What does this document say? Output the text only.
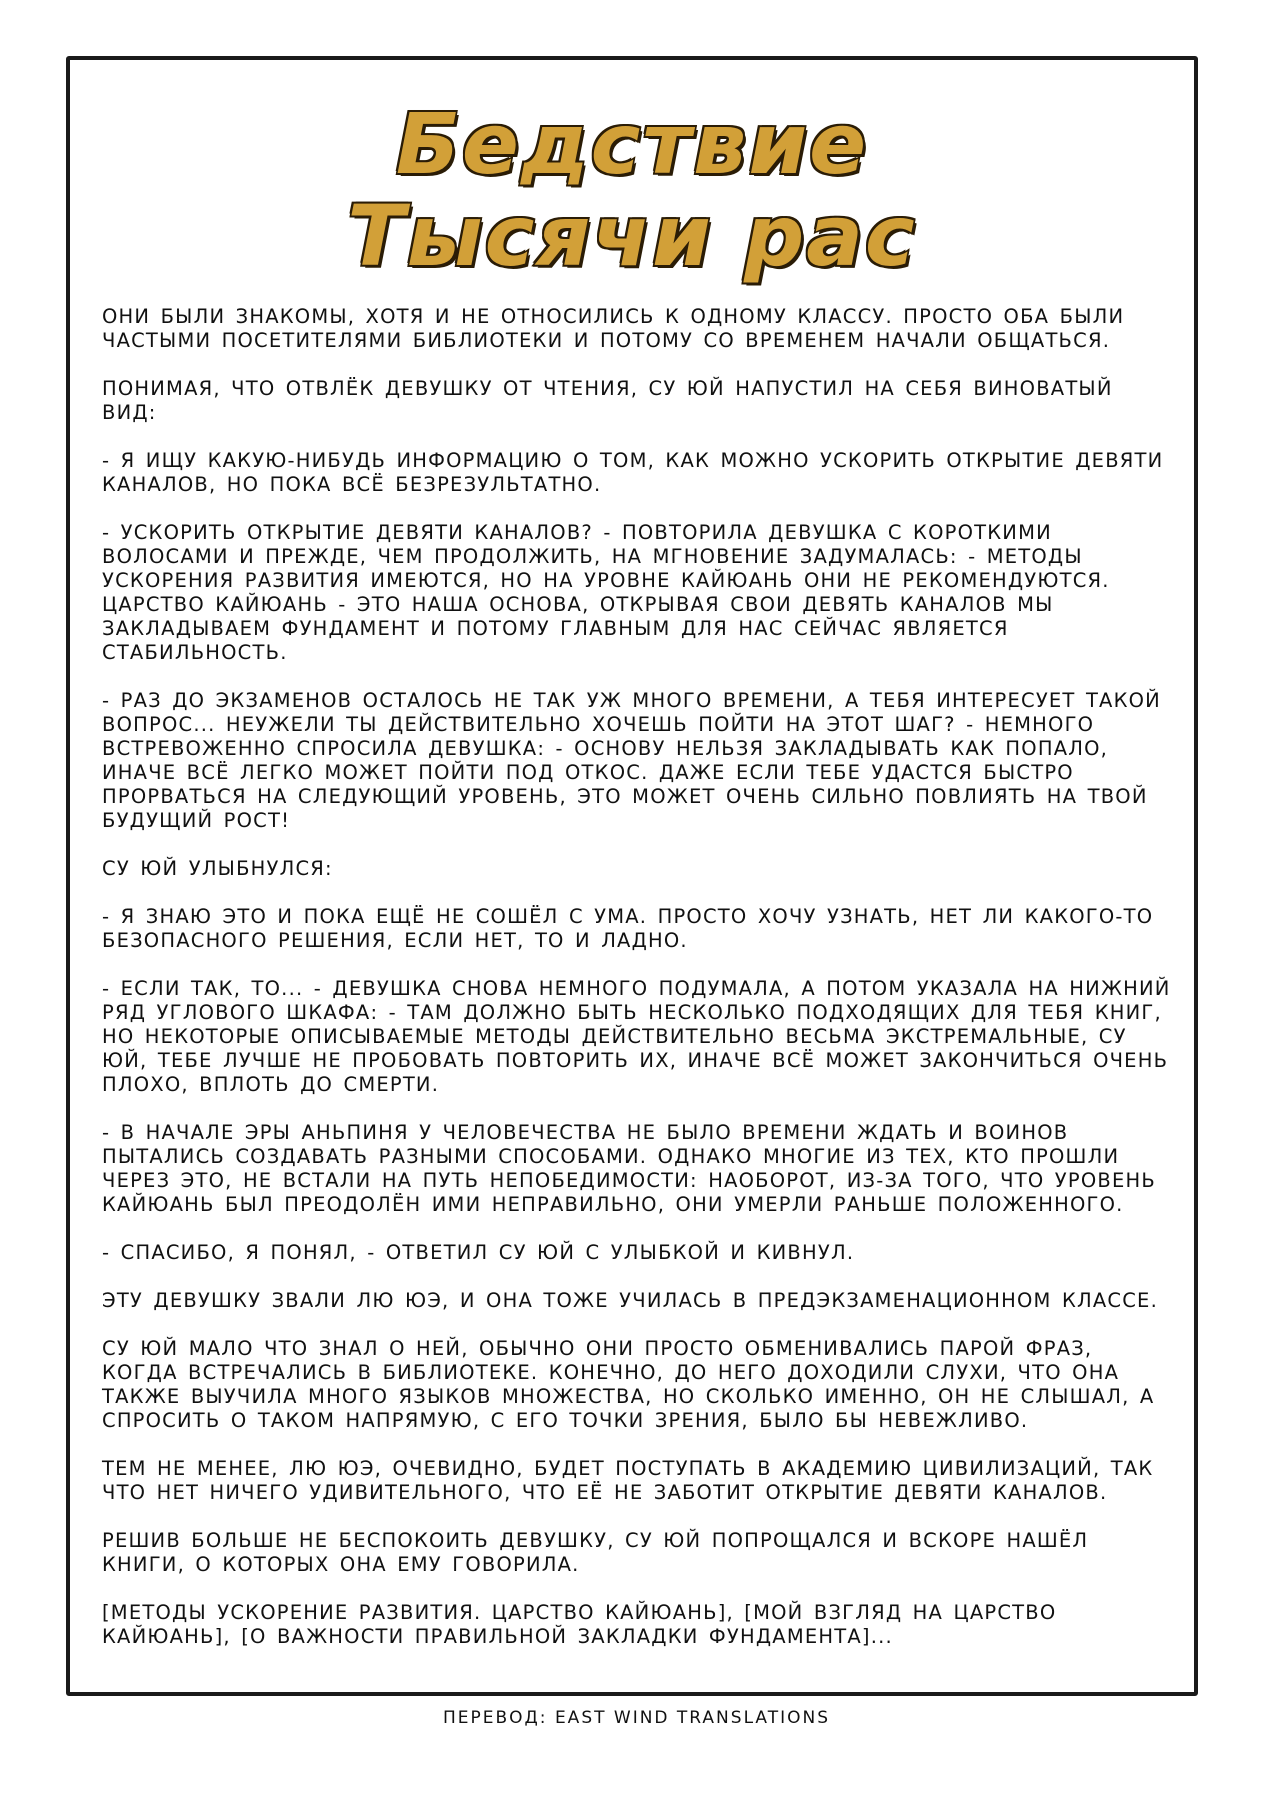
Бедствие
Тысячи рас

ОНИ БЫЛИ ЗНАКОМЫ, ХОТЯ И НЕ ОТНОСИЛИСЬ К ОДНОМУ КЛАССУ. ПРОСТО ОБА БЫЛИ ЧАСТЫМИ ПОСЕТИТЕЛЯМИ БИБЛИОТЕКИ И ПОТОМУ СО ВРЕМЕНЕМ НАЧАЛИ ОБЩАТЬСЯ.

ПОНИМАЯ, ЧТО ОТВЛЁК ДЕВУШКУ ОТ ЧТЕНИЯ, СУ ЮЙ НАПУСТИЛ НА СЕБЯ ВИНОВАТЫЙ ВИД:

- Я ИЩУ КАКУЮ-НИБУДЬ ИНФОРМАЦИЮ О ТОМ, КАК МОЖНО УСКОРИТЬ ОТКРЫТИЕ ДЕВЯТИ КАНАЛОВ, НО ПОКА ВСЁ БЕЗРЕЗУЛЬТАТНО.

- УСКОРИТЬ ОТКРЫТИЕ ДЕВЯТИ КАНАЛОВ? - ПОВТОРИЛА ДЕВУШКА С КОРОТКИМИ ВОЛОСАМИ И ПРЕЖДЕ, ЧЕМ ПРОДОЛЖИТЬ, НА МГНОВЕНИЕ ЗАДУМАЛАСЬ: - МЕТОДЫ УСКОРЕНИЯ РАЗВИТИЯ ИМЕЮТСЯ, НО НА УРОВНЕ КАЙЮАНЬ ОНИ НЕ РЕКОМЕНДУЮТСЯ. ЦАРСТВО КАЙЮАНЬ - ЭТО НАША ОСНОВА, ОТКРЫВАЯ СВОИ ДЕВЯТЬ КАНАЛОВ МЫ ЗАКЛАДЫВАЕМ ФУНДАМЕНТ И ПОТОМУ ГЛАВНЫМ ДЛЯ НАС СЕЙЧАС ЯВЛЯЕТСЯ СТАБИЛЬНОСТЬ.

- РАЗ ДО ЭКЗАМЕНОВ ОСТАЛОСЬ НЕ ТАК УЖ МНОГО ВРЕМЕНИ, А ТЕБЯ ИНТЕРЕСУЕТ ТАКОЙ ВОПРОС... НЕУЖЕЛИ ТЫ ДЕЙСТВИТЕЛЬНО ХОЧЕШЬ ПОЙТИ НА ЭТОТ ШАГ? - НЕМНОГО ВСТРЕВОЖЕННО СПРОСИЛА ДЕВУШКА: - ОСНОВУ НЕЛЬЗЯ ЗАКЛАДЫВАТЬ КАК ПОПАЛО, ИНАЧЕ ВСЁ ЛЕГКО МОЖЕТ ПОЙТИ ПОД ОТКОС. ДАЖЕ ЕСЛИ ТЕБЕ УДАСТСЯ БЫСТРО ПРОРВАТЬСЯ НА СЛЕДУЮЩИЙ УРОВЕНЬ, ЭТО МОЖЕТ ОЧЕНЬ СИЛЬНО ПОВЛИЯТЬ НА ТВОЙ БУДУЩИЙ РОСТ!

СУ ЮЙ УЛЫБНУЛСЯ:

- Я ЗНАЮ ЭТО И ПОКА ЕЩЁ НЕ СОШЁЛ С УМА. ПРОСТО ХОЧУ УЗНАТЬ, НЕТ ЛИ КАКОГО-ТО БЕЗОПАСНОГО РЕШЕНИЯ, ЕСЛИ НЕТ, ТО И ЛАДНО.

- ЕСЛИ ТАК, ТО... - ДЕВУШКА СНОВА НЕМНОГО ПОДУМАЛА, А ПОТОМ УКАЗАЛА НА НИЖНИЙ РЯД УГЛОВОГО ШКАФА: - ТАМ ДОЛЖНО БЫТЬ НЕСКОЛЬКО ПОДХОДЯЩИХ ДЛЯ ТЕБЯ КНИГ, НО НЕКОТОРЫЕ ОПИСЫВАЕМЫЕ МЕТОДЫ ДЕЙСТВИТЕЛЬНО ВЕСЬМА ЭКСТРЕМАЛЬНЫЕ, СУ ЮЙ, ТЕБЕ ЛУЧШЕ НЕ ПРОБОВАТЬ ПОВТОРИТЬ ИХ, ИНАЧЕ ВСЁ МОЖЕТ ЗАКОНЧИТЬСЯ ОЧЕНЬ ПЛОХО, ВПЛОТЬ ДО СМЕРТИ.

- В НАЧАЛЕ ЭРЫ АНЬПИНЯ У ЧЕЛОВЕЧЕСТВА НЕ БЫЛО ВРЕМЕНИ ЖДАТЬ И ВОИНОВ ПЫТАЛИСЬ СОЗДАВАТЬ РАЗНЫМИ СПОСОБАМИ. ОДНАКО МНОГИЕ ИЗ ТЕХ, КТО ПРОШЛИ ЧЕРЕЗ ЭТО, НЕ ВСТАЛИ НА ПУТЬ НЕПОБЕДИМОСТИ: НАОБОРОТ, ИЗ-ЗА ТОГО, ЧТО УРОВЕНЬ КАЙЮАНЬ БЫЛ ПРЕОДОЛЁН ИМИ НЕПРАВИЛЬНО, ОНИ УМЕРЛИ РАНЬШЕ ПОЛОЖЕННОГО.

- СПАСИБО, Я ПОНЯЛ, - ОТВЕТИЛ СУ ЮЙ С УЛЫБКОЙ И КИВНУЛ.

ЭТУ ДЕВУШКУ ЗВАЛИ ЛЮ ЮЭ, И ОНА ТОЖЕ УЧИЛАСЬ В ПРЕДЭКЗАМЕНАЦИОННОМ КЛАССЕ.

СУ ЮЙ МАЛО ЧТО ЗНАЛ О НЕЙ, ОБЫЧНО ОНИ ПРОСТО ОБМЕНИВАЛИСЬ ПАРОЙ ФРАЗ, КОГДА ВСТРЕЧАЛИСЬ В БИБЛИОТЕКЕ. КОНЕЧНО, ДО НЕГО ДОХОДИЛИ СЛУХИ, ЧТО ОНА ТАКЖЕ ВЫУЧИЛА МНОГО ЯЗЫКОВ МНОЖЕСТВА, НО СКОЛЬКО ИМЕННО, ОН НЕ СЛЫШАЛ, А СПРОСИТЬ О ТАКОМ НАПРЯМУЮ, С ЕГО ТОЧКИ ЗРЕНИЯ, БЫЛО БЫ НЕВЕЖЛИВО.

ТЕМ НЕ МЕНЕЕ, ЛЮ ЮЭ, ОЧЕВИДНО, БУДЕТ ПОСТУПАТЬ В АКАДЕМИЮ ЦИВИЛИЗАЦИЙ, ТАК ЧТО НЕТ НИЧЕГО УДИВИТЕЛЬНОГО, ЧТО ЕЁ НЕ ЗАБОТИТ ОТКРЫТИЕ ДЕВЯТИ КАНАЛОВ.

РЕШИВ БОЛЬШЕ НЕ БЕСПОКОИТЬ ДЕВУШКУ, СУ ЮЙ ПОПРОЩАЛСЯ И ВСКОРЕ НАШЁЛ КНИГИ, О КОТОРЫХ ОНА ЕМУ ГОВОРИЛА.

[МЕТОДЫ УСКОРЕНИЕ РАЗВИТИЯ. ЦАРСТВО КАЙЮАНЬ], [МОЙ ВЗГЛЯД НА ЦАРСТВО КАЙЮАНЬ], [О ВАЖНОСТИ ПРАВИЛЬНОЙ ЗАКЛАДКИ ФУНДАМЕНТА]...

ПЕРЕВОД: EAST WIND TRANSLATIONS
